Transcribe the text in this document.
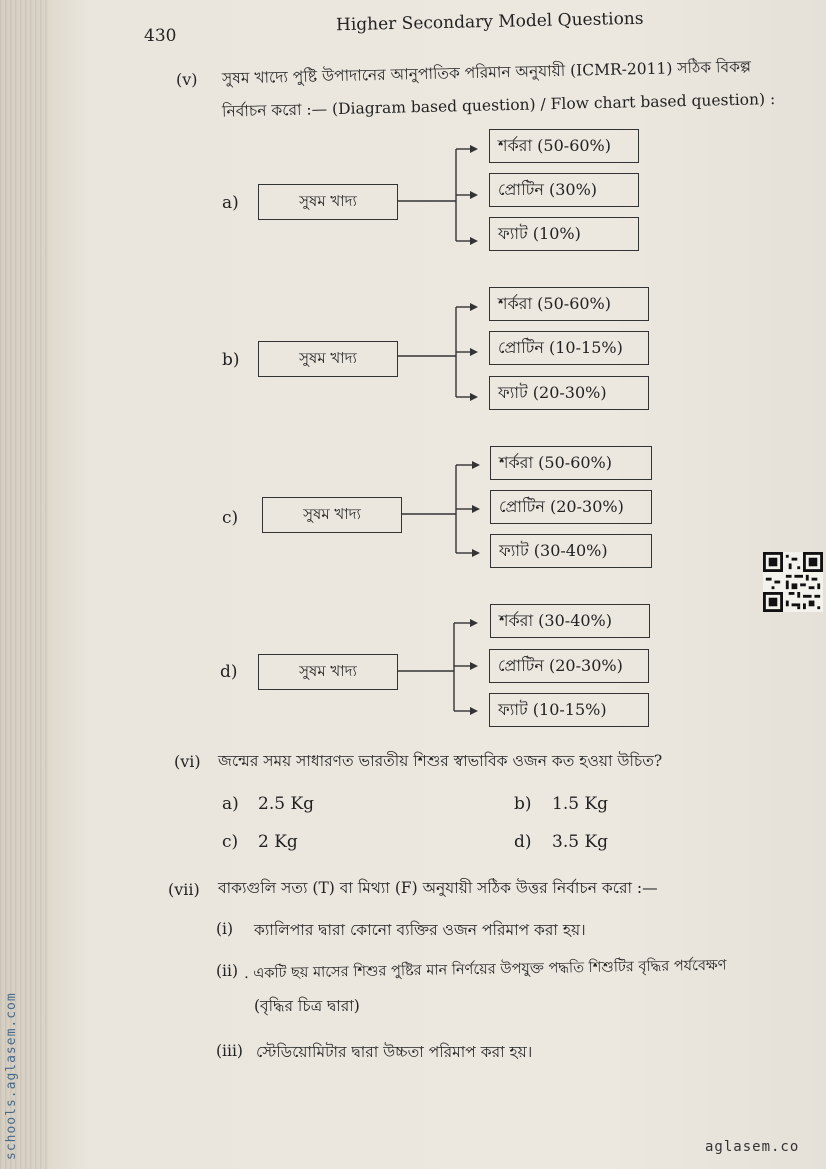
430
Higher Secondary Model Questions
(v) সুষম খাদ্যে পুষ্টি উপাদানের আনুপাতিক পরিমান অনুযায়ী (ICMR-2011) সঠিক বিকল্প
নির্বাচন করো :— (Diagram based question) / Flow chart based question) :
a)	সুষম খাদ্য
শর্করা (50-60%)
প্রোটিন (30%)
ফ্যাট (10%)
b)	সুষম খাদ্য
শর্করা (50-60%)
প্রোটিন (10-15%)
ফ্যাট (20-30%)
c)	সুষম খাদ্য
শর্করা (50-60%)
প্রোটিন (20-30%)
ফ্যাট (30-40%)
d)	সুষম খাদ্য
শর্করা (30-40%)
প্রোটিন (20-30%)
ফ্যাট (10-15%)
(vi) জন্মের সময় সাধারণত ভারতীয় শিশুর স্বাভাবিক ওজন কত হওয়া উচিত?
a) 2.5 Kg	b) 1.5 Kg
c) 2 Kg	d) 3.5 Kg
(vii) বাক্যগুলি সত্য (T) বা মিথ্যা (F) অনুযায়ী সঠিক উত্তর নির্বাচন করো :—
(i) ক্যালিপার দ্বারা কোনো ব্যক্তির ওজন পরিমাপ করা হয়।
(ii) . একটি ছয় মাসের শিশুর পুষ্টির মান নির্ণয়ের উপযুক্ত পদ্ধতি শিশুটির বৃদ্ধির পর্যবেক্ষণ
(বৃদ্ধির চিত্র দ্বারা)
(iii) স্টেডিয়োমিটার দ্বারা উচ্চতা পরিমাপ করা হয়।
schools.aglasem.com	aglasem.co
